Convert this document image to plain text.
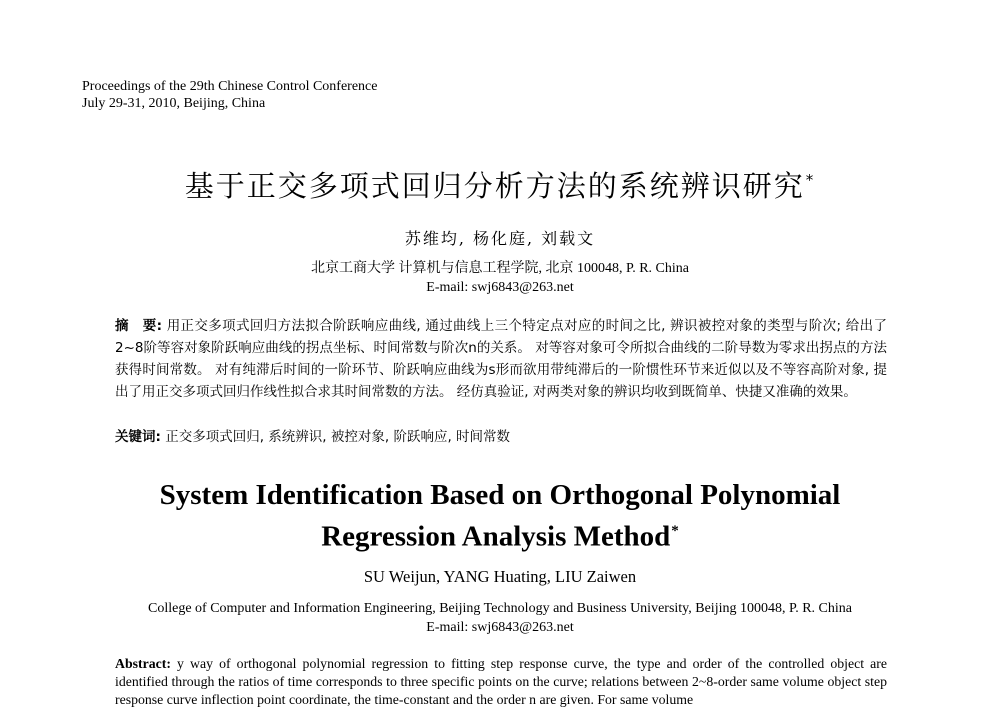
Proceedings of the 29th Chinese Control Conference
July 29-31, 2010, Beijing, China
基于正交多项式回归分析方法的系统辨识研究*
苏维均, 杨化庭, 刘载文
北京工商大学 计算机与信息工程学院, 北京 100048, P. R. China
E-mail: swj6843@263.net
摘　要: 用正交多项式回归方法拟合阶跃响应曲线, 通过曲线上三个特定点对应的时间之比, 辨识被控对象的类型与阶次; 给出了2~8阶等容对象阶跃响应曲线的拐点坐标、时间常数与阶次n的关系。 对等容对象可令所拟合曲线的二阶导数为零求出拐点的方法获得时间常数。 对有纯滞后时间的一阶环节、阶跃响应曲线为s形而欲用带纯滞后的一阶惯性环节来近似以及不等容高阶对象, 提出了用正交多项式回归作线性拟合求其时间常数的方法。 经仿真验证, 对两类对象的辨识均收到既简单、快捷又准确的效果。
关键词: 正交多项式回归, 系统辨识, 被控对象, 阶跃响应, 时间常数
System Identification Based on Orthogonal Polynomial
Regression Analysis Method*
SU Weijun, YANG Huating, LIU Zaiwen
College of Computer and Information Engineering, Beijing Technology and Business University, Beijing 100048, P. R. China
E-mail: swj6843@263.net
Abstract: y way of orthogonal polynomial regression to fitting step response curve, the type and order of the controlled object are identified through the ratios of time corresponds to three specific points on the curve; relations between 2~8-order same volume object step response curve inflection point coordinate, the time-constant and the order n are given. For same volume
